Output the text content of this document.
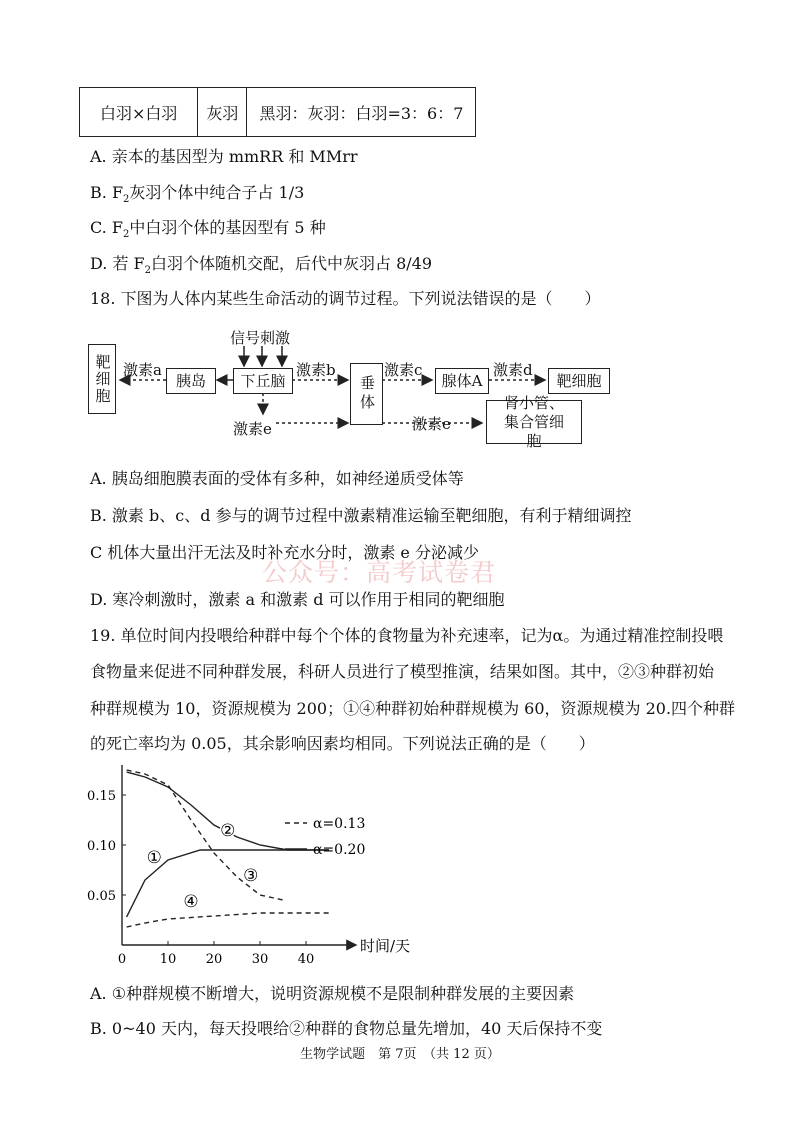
白羽×白羽	灰羽	黑羽：灰羽：白羽=3：6：7
A. 亲本的基因型为 mmRR 和 MMrr
B. $F_2$灰羽个体中纯合子占 1/3
C. $F_2$中白羽个体的基因型有 5 种
D. 若 $F_2$白羽个体随机交配，后代中灰羽占 8/49
18. 下图为人体内某些生命活动的调节过程。下列说法错误的是（　　）
靶细胞 激素a
胰岛
信号刺激
下丘脑
激素b
垂体
激素c
腺体A
激素d
靶细胞
激素e	激素e
肾小管、集合管细胞
A. 胰岛细胞膜表面的受体有多种，如神经递质受体等
B. 激素 b、c、d 参与的调节过程中激素精准运输至靶细胞，有利于精细调控
C 机体大量出汗无法及时补充水分时，激素 e 分泌减少
公众号：高考试卷君
D. 寒冷刺激时，激素 a 和激素 d 可以作用于相同的靶细胞
19. 单位时间内投喂给种群中每个个体的食物量为补充速率，记为α。为通过精准控制投喂
食物量来促进不同种群发展，科研人员进行了模型推演，结果如图。其中，②③种群初始
种群规模为 10，资源规模为 200；①④种群初始种群规模为 60，资源规模为 20.四个种群
的死亡率均为 0.05，其余影响因素均相同。下列说法正确的是（　　）
时间/天
0	10 20 30 40
0.05
0.10
0.15
①
②
③
④
α=0.13
α=0.20
A. ①种群规模不断增大，说明资源规模不是限制种群发展的主要因素
B. 0~40 天内，每天投喂给②种群的食物总量先增加，40 天后保持不变
生物学试题　第 7页　（共 12 页）
